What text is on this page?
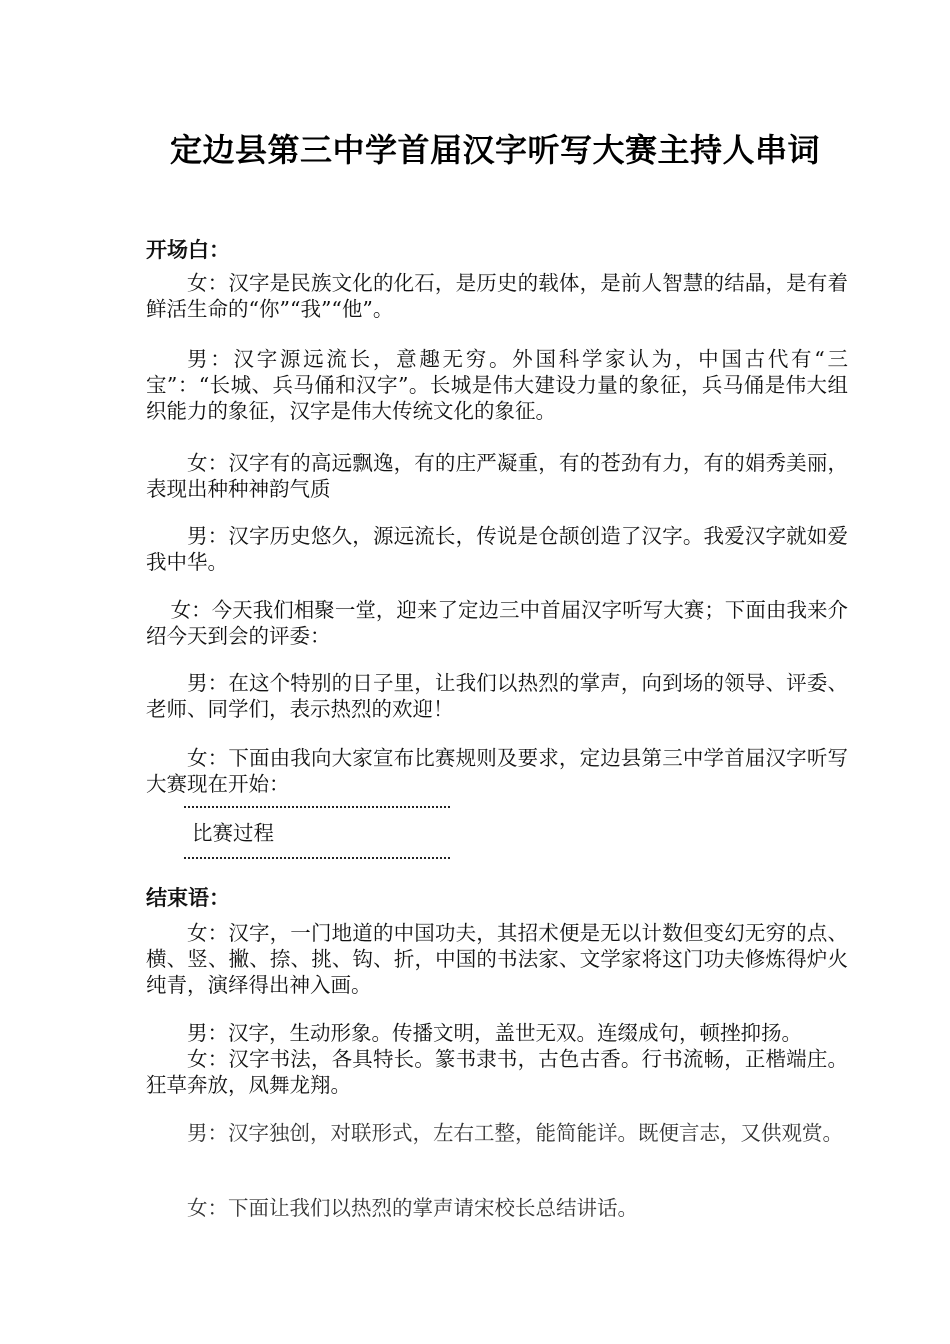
定边县第三中学首届汉字听写大赛主持人串词
开场白：

女：汉字是民族文化的化石，是历史的载体，是前人智慧的结晶，是有着鲜活生命的“你”“我”“他”。

男：汉字源远流长，意趣无穷。外国科学家认为，中国古代有“三宝”：“长城、兵马俑和汉字”。长城是伟大建设力量的象征，兵马俑是伟大组织能力的象征，汉字是伟大传统文化的象征。

女：汉字有的高远飘逸，有的庄严凝重，有的苍劲有力，有的娟秀美丽，表现出种种神韵气质

男：汉字历史悠久，源远流长，传说是仓颉创造了汉字。我爱汉字就如爱我中华。

女：今天我们相聚一堂，迎来了定边三中首届汉字听写大赛；下面由我来介绍今天到会的评委：

男：在这个特别的日子里，让我们以热烈的掌声，向到场的领导、评委、老师、同学们，表示热烈的欢迎！

女：下面由我向大家宣布比赛规则及要求，定边县第三中学首届汉字听写大赛现在开始：

比赛过程

结束语：

女：汉字，一门地道的中国功夫，其招术便是无以计数但变幻无穷的点、横、竖、撇、捺、挑、钩、折，中国的书法家、文学家将这门功夫修炼得炉火纯青，演绎得出神入画。

男：汉字，生动形象。传播文明，盖世无双。连缀成句，顿挫抑扬。

女：汉字书法，各具特长。篆书隶书，古色古香。行书流畅，正楷端庄。狂草奔放，凤舞龙翔。

男：汉字独创，对联形式，左右工整，能简能详。既便言志，又供观赏。

女：下面让我们以热烈的掌声请宋校长总结讲话。
